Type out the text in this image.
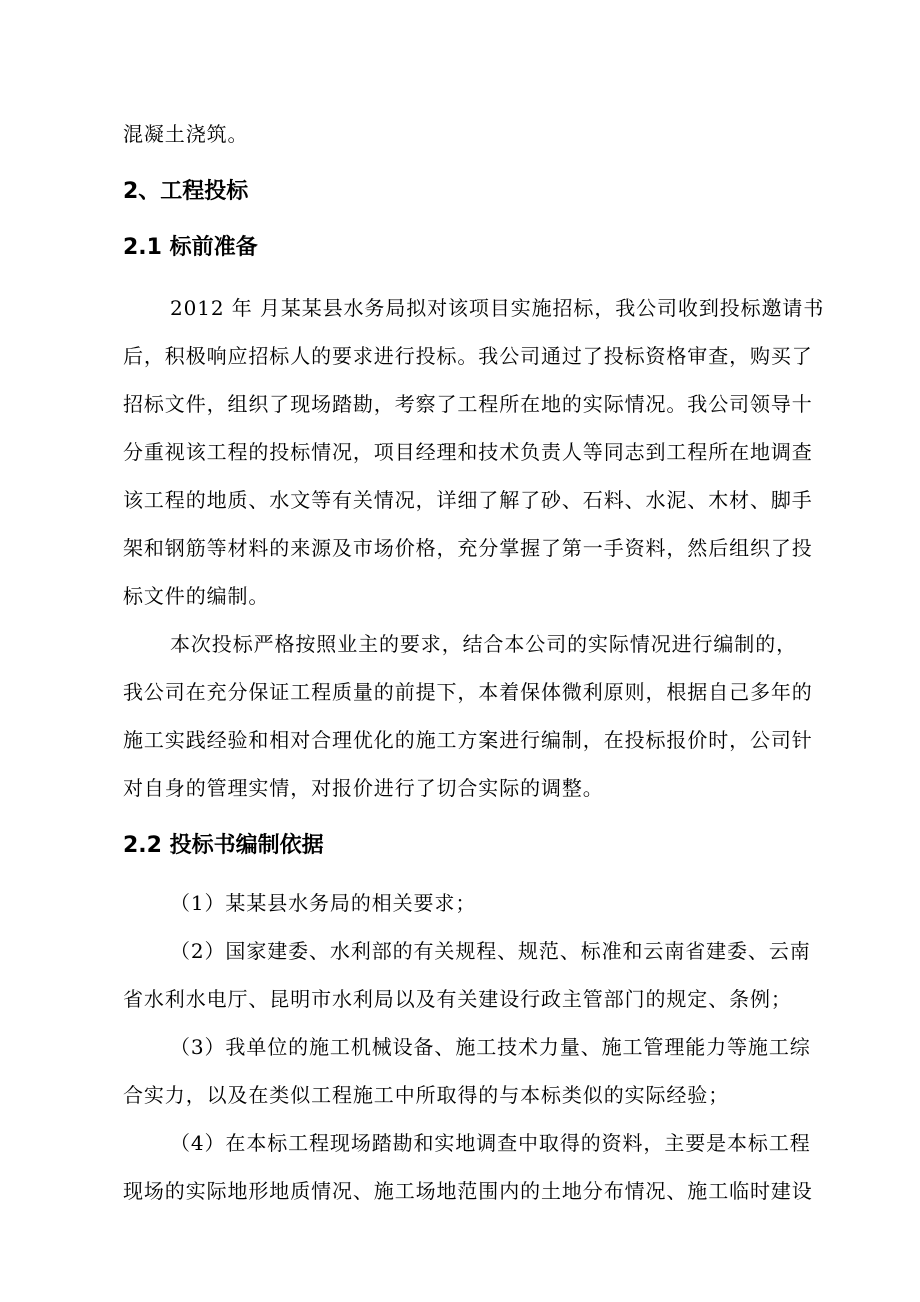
混凝土浇筑。
2、工程投标
2.1 标前准备
2012 年 月某某县水务局拟对该项目实施招标，我公司收到投标邀请书
后，积极响应招标人的要求进行投标。我公司通过了投标资格审查，购买了
招标文件，组织了现场踏勘，考察了工程所在地的实际情况。我公司领导十
分重视该工程的投标情况，项目经理和技术负责人等同志到工程所在地调查
该工程的地质、水文等有关情况，详细了解了砂、石料、水泥、木材、脚手
架和钢筋等材料的来源及市场价格，充分掌握了第一手资料，然后组织了投
标文件的编制。
本次投标严格按照业主的要求，结合本公司的实际情况进行编制的，
我公司在充分保证工程质量的前提下，本着保体微利原则，根据自己多年的
施工实践经验和相对合理优化的施工方案进行编制，在投标报价时，公司针
对自身的管理实情，对报价进行了切合实际的调整。
2.2 投标书编制依据
（1）某某县水务局的相关要求；
（2）国家建委、水利部的有关规程、规范、标准和云南省建委、云南
省水利水电厅、昆明市水利局以及有关建设行政主管部门的规定、条例；
（3）我单位的施工机械设备、施工技术力量、施工管理能力等施工综
合实力，以及在类似工程施工中所取得的与本标类似的实际经验；
（4）在本标工程现场踏勘和实地调查中取得的资料，主要是本标工程
现场的实际地形地质情况、施工场地范围内的土地分布情况、施工临时建设
